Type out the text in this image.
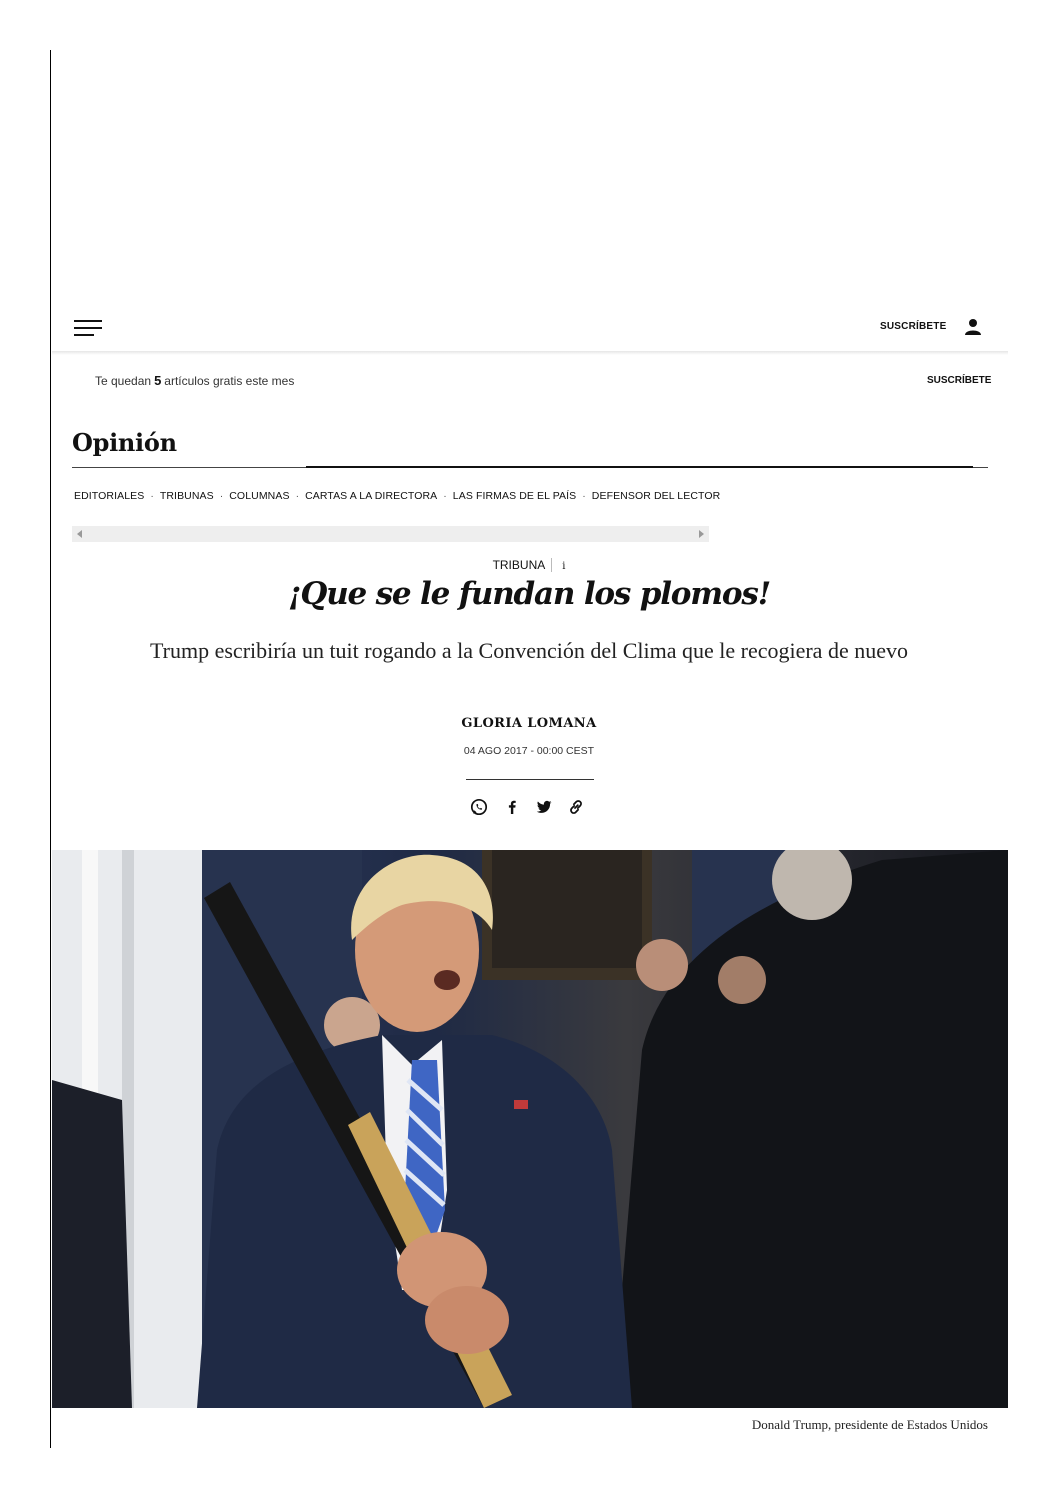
SUSCRÍBETE
Te quedan 5 artículos gratis este mes	SUSCRÍBETE
Opinión
EDITORIALES · TRIBUNAS · COLUMNAS · CARTAS A LA DIRECTORA · LAS FIRMAS DE EL PAÍS · DEFENSOR DEL LECTOR
TRIBUNA i
¡Que se le fundan los plomos!
Trump escribiría un tuit rogando a la Convención del Clima que le recogiera de nuevo
GLORIA LOMANA
04 AGO 2017 - 00:00 CEST
Donald Trump, presidente de Estados Unidos
